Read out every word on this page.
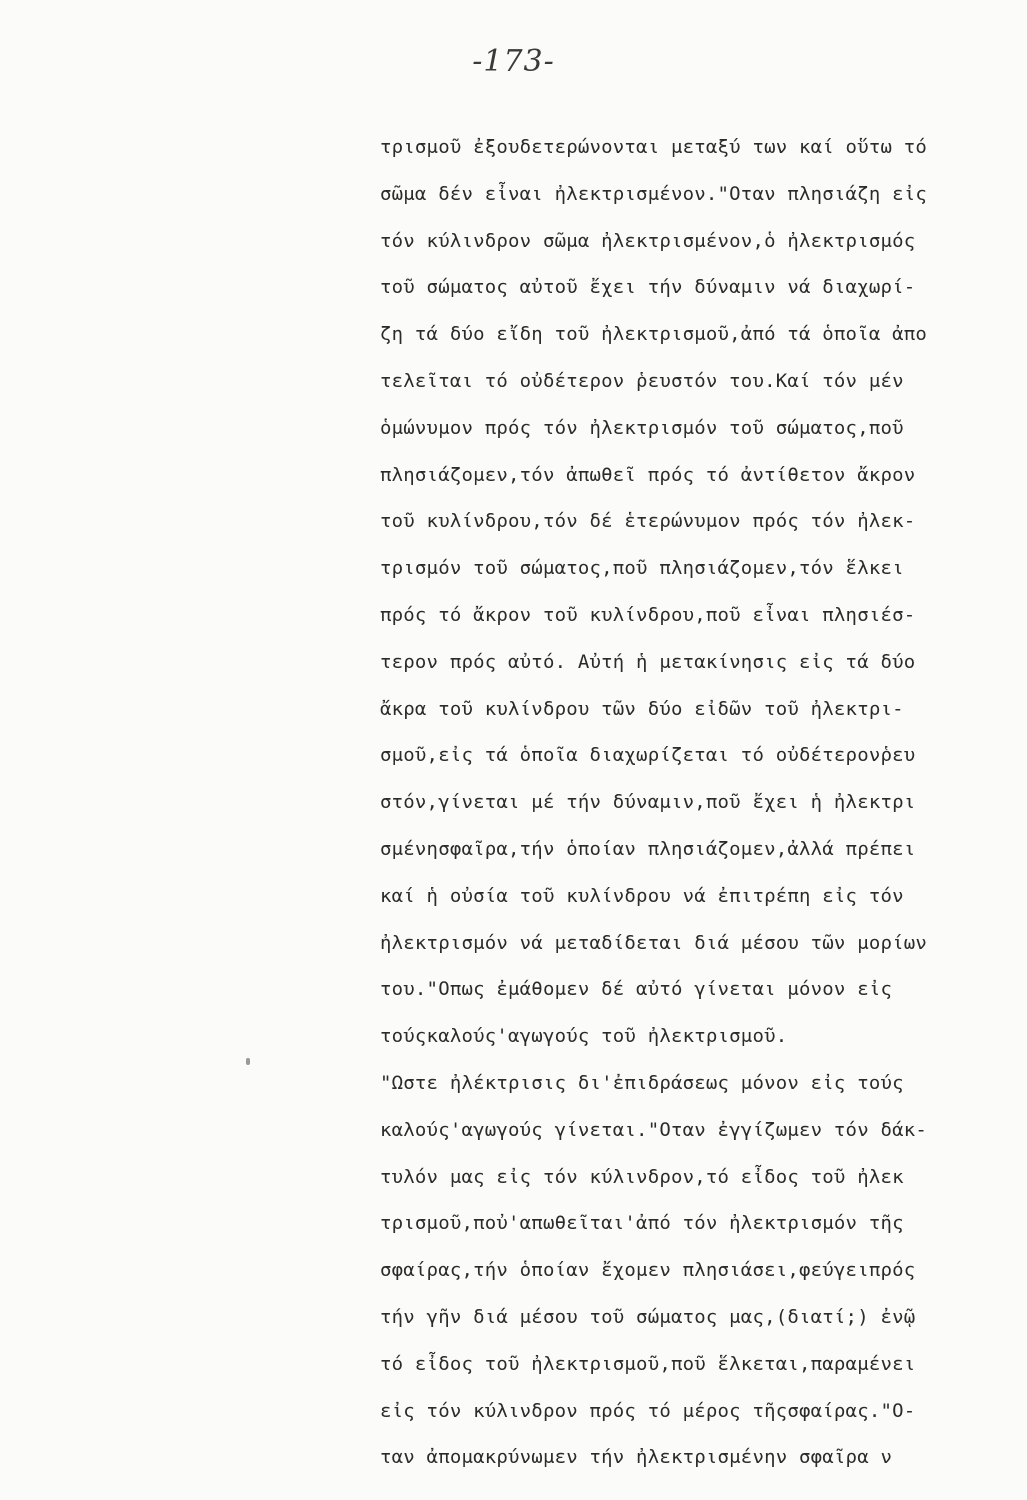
-173-
τρισμοῦ ἐξουδετερώνονται μεταξύ των καί οὕτω τό
σῶμα δέν εἶναι ἠλεκτρισμένον."Οταν πλησιάζη εἰς
τόν κύλινδρον σῶμα ἠλεκτρισμένον,ὁ ἠλεκτρισμός
τοῦ σώματος αὐτοῦ ἔχει τήν δύναμιν νά διαχωρί-
ζη τά δύο εἴδη τοῦ ἠλεκτρισμοῦ,ἀπό τά ὁποῖα ἀπο
τελεῖται τό οὐδέτερον ῥευστόν του.Καί τόν μέν
ὁμώνυμον πρός τόν ἠλεκτρισμόν τοῦ σώματος,ποῦ
πλησιάζομεν,τόν ἀπωθεῖ πρός τό ἀντίθετον ἄκρον
τοῦ κυλίνδρου,τόν δέ ἑτερώνυμον πρός τόν ἠλεκ-
τρισμόν τοῦ σώματος,ποῦ πλησιάζομεν,τόν ἕλκει
πρός τό ἄκρον τοῦ κυλίνδρου,ποῦ εἶναι πλησιέσ-
τερον πρός αὐτό. Αὐτή ἡ μετακίνησις εἰς τά δύο
ἄκρα τοῦ κυλίνδρου τῶν δύο εἰδῶν τοῦ ἠλεκτρι-
σμοῦ,εἰς τά ὁποῖα διαχωρίζεται τό οὐδέτερονῥευ
στόν,γίνεται μέ τήν δύναμιν,ποῦ ἔχει ἡ ἠλεκτρι
σμένησφαῖρα,τήν ὁποίαν πλησιάζομεν,ἀλλά πρέπει
καί ἡ οὐσία τοῦ κυλίνδρου νά ἐπιτρέπη εἰς τόν
ἠλεκτρισμόν νά μεταδίδεται διά μέσου τῶν μορίων
του."Οπως ἐμάθομεν δέ αὐτό γίνεται μόνον εἰς
τούςκαλούς'αγωγούς τοῦ ἠλεκτρισμοῦ.
"Ωστε ἠλέκτρισις δι'ἐπιδράσεως μόνον εἰς τούς
καλούς'αγωγούς γίνεται."Οταν ἐγγίζωμεν τόν δάκ-
τυλόν μας εἰς τόν κύλινδρον,τό εἶδος τοῦ ἠλεκ
τρισμοῦ,ποὐ'απωθεῖται'ἀπό τόν ἠλεκτρισμόν τῆς
σφαίρας,τήν ὁποίαν ἔχομεν πλησιάσει,φεύγειπρός
τήν γῆν διά μέσου τοῦ σώματος μας,(διατί;) ἐνῷ
τό εἶδος τοῦ ἠλεκτρισμοῦ,ποῦ ἕλκεται,παραμένει
εἰς τόν κύλινδρον πρός τό μέρος τῆςσφαίρας."Ο-
ταν ἀπομακρύνωμεν τήν ἠλεκτρισμένην σφαῖρα ν
